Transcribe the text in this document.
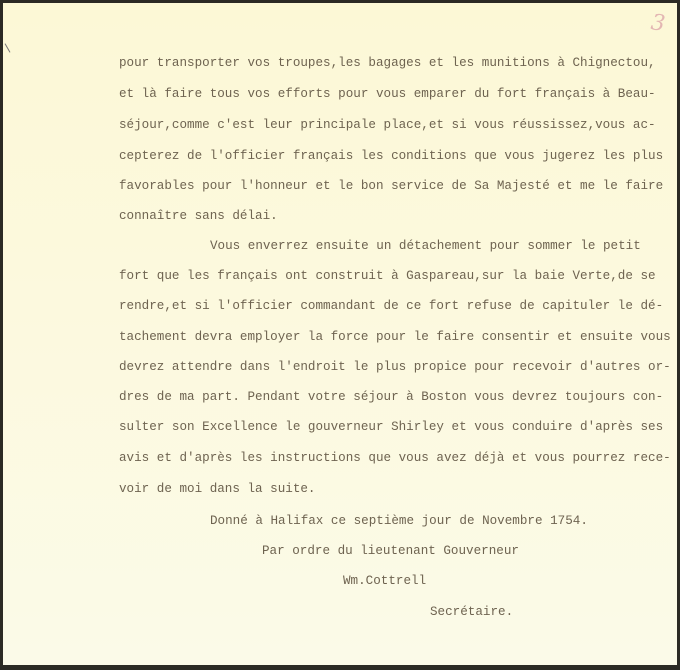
3
pour transporter vos troupes,les bagages et les munitions à Chignectou,
et là faire tous vos efforts pour vous emparer du fort français à Beau-
séjour,comme c'est leur principale place,et si vous réussissez,vous ac-
cepterez de l'officier français les conditions que vous jugerez les plus
favorables pour l'honneur et le bon service de Sa Majesté et me le faire
connaître sans délai.
Vous enverrez ensuite un détachement pour sommer le petit
fort que les français ont construit à Gaspareau,sur la baie Verte,de se
rendre,et si l'officier commandant de ce fort refuse de capituler le dé-
tachement devra employer la force pour le faire consentir et ensuite vous
devrez attendre dans l'endroit le plus propice pour recevoir d'autres or-
dres de ma part. Pendant votre séjour à Boston vous devrez toujours con-
sulter son Excellence le gouverneur Shirley et vous conduire d'après ses
avis et d'après les instructions que vous avez déjà et vous pourrez rece-
voir de moi dans la suite.
Donné à Halifax ce septième jour de Novembre 1754.
Par ordre du lieutenant Gouverneur
Wm.Cottrell
Secrétaire.
